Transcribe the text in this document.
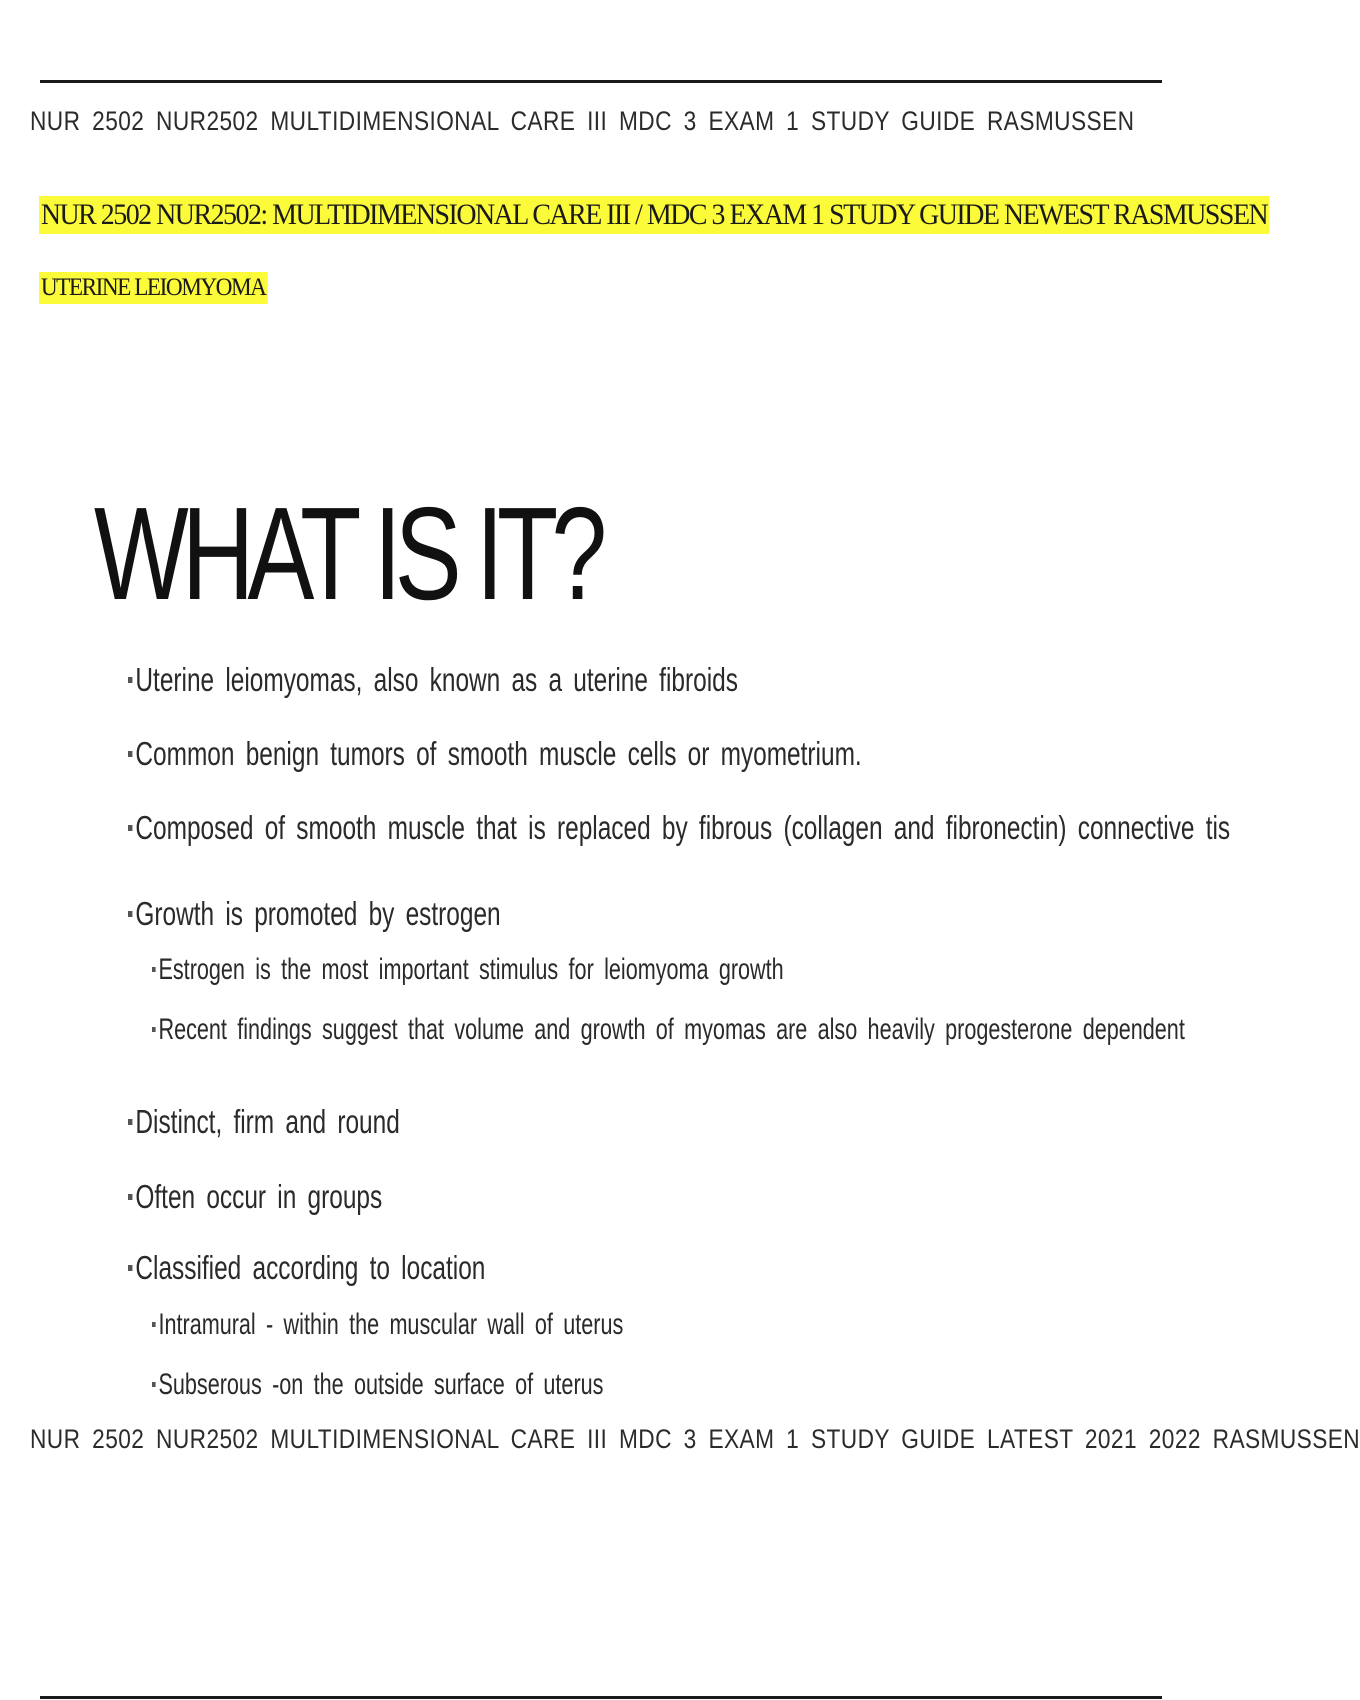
NUR 2502 NUR2502 MULTIDIMENSIONAL CARE III MDC 3 EXAM 1 STUDY GUIDE RASMUSSEN
NUR 2502 NUR2502: MULTIDIMENSIONAL CARE III / MDC 3 EXAM 1 STUDY GUIDE NEWEST RASMUSSEN
UTERINE LEIOMYOMA
WHAT IS IT?
Uterine leiomyomas, also known as a uterine fibroids
Common benign tumors of smooth muscle cells or myometrium.
Composed of smooth muscle that is replaced by fibrous (collagen and fibronectin) connective tis
Growth is promoted by estrogen
Estrogen is the most important stimulus for leiomyoma growth
Recent findings suggest that volume and growth of myomas are also heavily progesterone dependent
Distinct, firm and round
Often occur in groups
Classified according to location
Intramural - within the muscular wall of uterus
Subserous -on the outside surface of uterus
NUR 2502 NUR2502 MULTIDIMENSIONAL CARE III MDC 3 EXAM 1 STUDY GUIDE LATEST 2021 2022 RASMUSSEN
